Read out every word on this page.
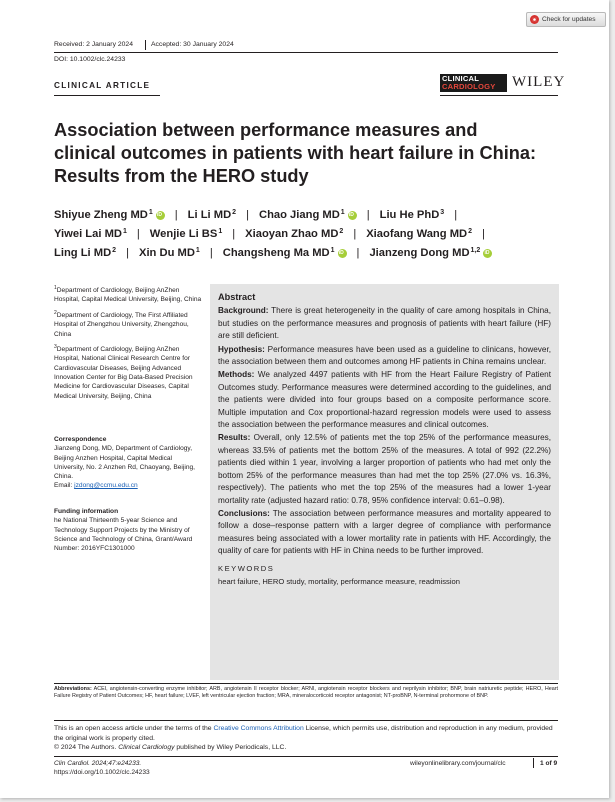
Check for updates
Received: 2 January 2024	Accepted: 30 January 2024
DOI: 10.1002/clc.24233
CLINICAL ARTICLE
CLINICAL
CARDIOLOGY	WILEY
Association between performance measures and clinical outcomes in patients with heart failure in China: Results from the HERO study
Shiyue Zheng $MD^1$ iD | Li Li $MD^2$ | Chao Jiang $MD^1$ iD | Liu He PhD$^3$ |
Yiwei Lai $MD^1$ | Wenjie Li $BS^1$ | Xiaoyan Zhao $MD^2$ | Xiaofang Wang $MD^2$ |
Ling Li $MD^2$ | Xin Du $MD^1$ | Changsheng Ma $MD^1$ iD | Jianzeng Dong MD$^{1,2}$
iD
$^1$Department of Cardiology, Beijing AnZhen Hospital, Capital Medical University, Beijing, China
$^2$Department of Cardiology, The First Affiliated Hospital of Zhengzhou University, Zhengzhou, China
$^3$Department of Cardiology, Beijing AnZhen Hospital, National Clinical Research Centre for Cardiovascular Diseases, Beijing Advanced Innovation Center for Big Data-Based Precision Medicine for Cardiovascular Diseases, Capital Medical University, Beijing, China
Correspondence
Jianzeng Dong, MD, Department of Cardiology, Beijing Anzhen Hospital, Capital Medical University, No. 2 Anzhen Rd, Chaoyang, Beijing, China.
Email: jzdong@ccmu.edu.cn
Funding information
he National Thirteenth 5-year Science and Technology Support Projects by the Ministry of Science and Technology of China, Grant/Award Number: 2016YFC1301000
Abstract

Background: There is great heterogeneity in the quality of care among hospitals in China, but studies on the performance measures and prognosis of patients with heart failure (HF) are still deficient.

Hypothesis: Performance measures have been used as a guideline to clinicans, however, the association between them and outcomes among HF patients in China remains unclear.

Methods: We analyzed 4497 patients with HF from the Heart Failure Registry of Patient Outcomes study. Performance measures were determined according to the guidelines, and the patients were divided into four groups based on a composite performance score. Multiple imputation and Cox proportional-hazard regression models were used to assess the association between the performance measures and clinical outcomes.

Results: Overall, only 12.5% of patients met the top 25% of the performance measures, whereas 33.5% of patients met the bottom 25% of the measures. A total of 992 (22.2%) patients died within 1 year, involving a larger proportion of patients who had met only the bottom 25% of the performance measures than had met the top 25% (27.0% vs. 16.3%, respectively). The patients who met the top 25% of the measures had a lower 1-year mortality rate (adjusted hazard ratio: 0.78, 95% confidence interval: 0.61–0.98).

Conclusions: The association between performance measures and mortality appeared to follow a dose–response pattern with a larger degree of compliance with performance measures being associated with a lower mortality rate in patients with HF. Accordingly, the quality of care for patients with HF in China needs to be further improved.

KEYWORDS
heart failure, HERO study, mortality, performance measure, readmission
Abbreviations: ACEI, angiotensin-converting enzyme inhibitor; ARB, angiotensin II receptor blocker; ARNI, angiotensin receptor blockers and neprilysin inhibitor; BNP, brain natriuretic peptide; HERO, Heart Failure Registry of Patient Outcomes; HF, heart failure; LVEF, left ventricular ejection fraction; MRA, mineralocorticoid receptor antagonist; NT-proBNP, N-terminal prohormone of BNP.
This is an open access article under the terms of the Creative Commons Attribution License, which permits use, distribution and reproduction in any medium, provided the original work is properly cited.
© 2024 The Authors. Clinical Cardiology published by Wiley Periodicals, LLC.
Clin Cardiol. 2024;47:e24233.
https://doi.org/10.1002/clc.24233
wileyonlinelibrary.com/journal/clc	1 of 9
